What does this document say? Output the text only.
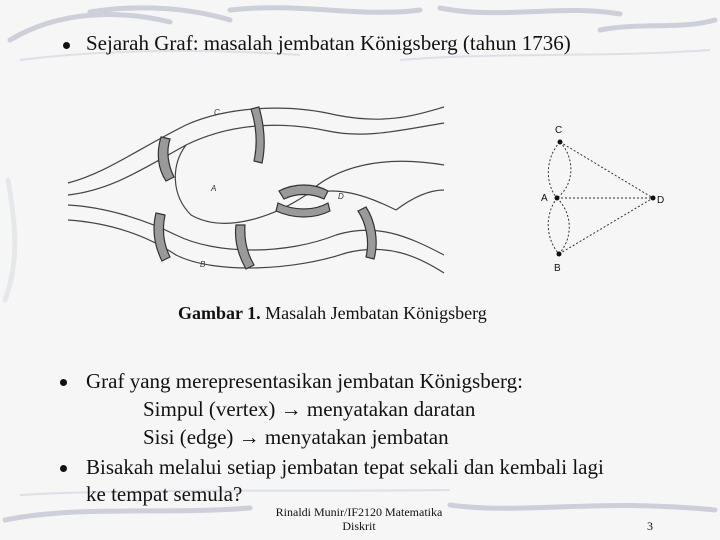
Sejarah Graf: masalah jembatan Königsberg (tahun 1736)
C
A
D
B
C
A	D
B
Gambar 1. Masalah Jembatan Königsberg
Graf yang merepresentasikan jembatan Königsberg:
Simpul (vertex) → menyatakan daratan
Sisi (edge) → menyatakan jembatan
Bisakah melalui setiap jembatan tepat sekali dan kembali lagi
ke tempat semula?
Rinaldi Munir/IF2120 Matematika
Diskrit	3
